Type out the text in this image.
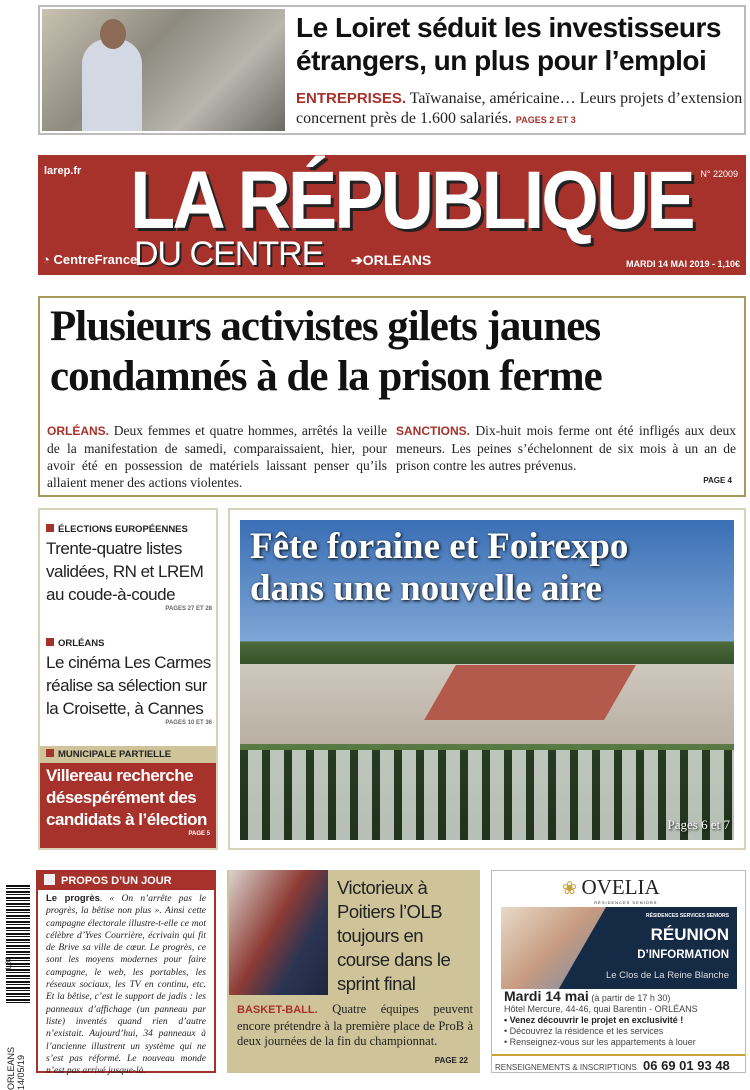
Le Loiret séduit les investisseurs étrangers, un plus pour l’emploi
ENTREPRISES. Taïwanaise, américaine… Leurs projets d’extension concernent près de 1.600 salariés. PAGES 2 ET 3
larep.fr LA RÉPUBLIQUE
DU CENTRE
◔ CentreFrance	➔ORLEANS
N° 22009
MARDI 14 MAI 2019 - 1,10€
Plusieurs activistes gilets jaunes condamnés à de la prison ferme
ORLÉANS. Deux femmes et quatre hommes, arrêtés la veille de la manifestation de samedi, comparaissaient, hier, pour avoir été en possession de matériels laissant penser qu’ils allaient mener des actions violentes.
SANCTIONS. Dix-huit mois ferme ont été infligés aux deux meneurs. Les peines s’échelonnent de six mois à un an de prison contre les autres prévenus.
PAGE 4
ÉLECTIONS EUROPÉENNES
Trente-quatre listes validées, RN et LREM au coude-à-coude
PAGES 27 ET 28
ORLÉANS
Le cinéma Les Carmes réalise sa sélection sur la Croisette, à Cannes
PAGES 10 ET 36
MUNICIPALE PARTIELLE
Villereau recherche désespérément des candidats à l’élection
PAGE 5
Fête foraine et Foirexpo dans une nouvelle aire
Pages 6 et 7
1,30
ORLEANS 14/05/19
PROPOS D’UN JOUR
Le progrès. « On n’arrête pas le progrès, la bêtise non plus ». Ainsi cette campagne électorale illustre-t-elle ce mot célèbre d’Yves Courrière, écrivain qui fit de Brive sa ville de cœur. Le progrès, ce sont les moyens modernes pour faire campagne, le web, les portables, les réseaux sociaux, les TV en continu, etc. Et la bêtise, c’est le support de jadis : les panneaux d’affichage (un panneau par liste) inventés quand rien d’autre n’existait. Aujourd’hui, 34 panneaux à l’ancienne illustrent un système qui ne s’est pas réformé. Le nouveau monde n’est pas arrivé jusque-là.
Victorieux à Poitiers l’OLB toujours en course dans le sprint final
BASKET-BALL. Quatre équipes peuvent encore prétendre à la première place de ProB à deux journées de la fin du championnat.
PAGE 22
❀ OVELIA
RÉSIDENCES SENIORS
RÉSIDENCES SERVICES SENIORS
RÉUNION
D’INFORMATION
Le Clos de La Reine Blanche
Mardi 14 mai (à partir de 17 h 30)
Hôtel Mercure, 44-46, quai Barentin - ORLÉANS
• Venez découvrir le projet en exclusivité !
• Découvrez la résidence et les services
• Renseignez-vous sur les appartements à louer
RENSEIGNEMENTS & INSCRIPTIONS 06 69 01 93 48
